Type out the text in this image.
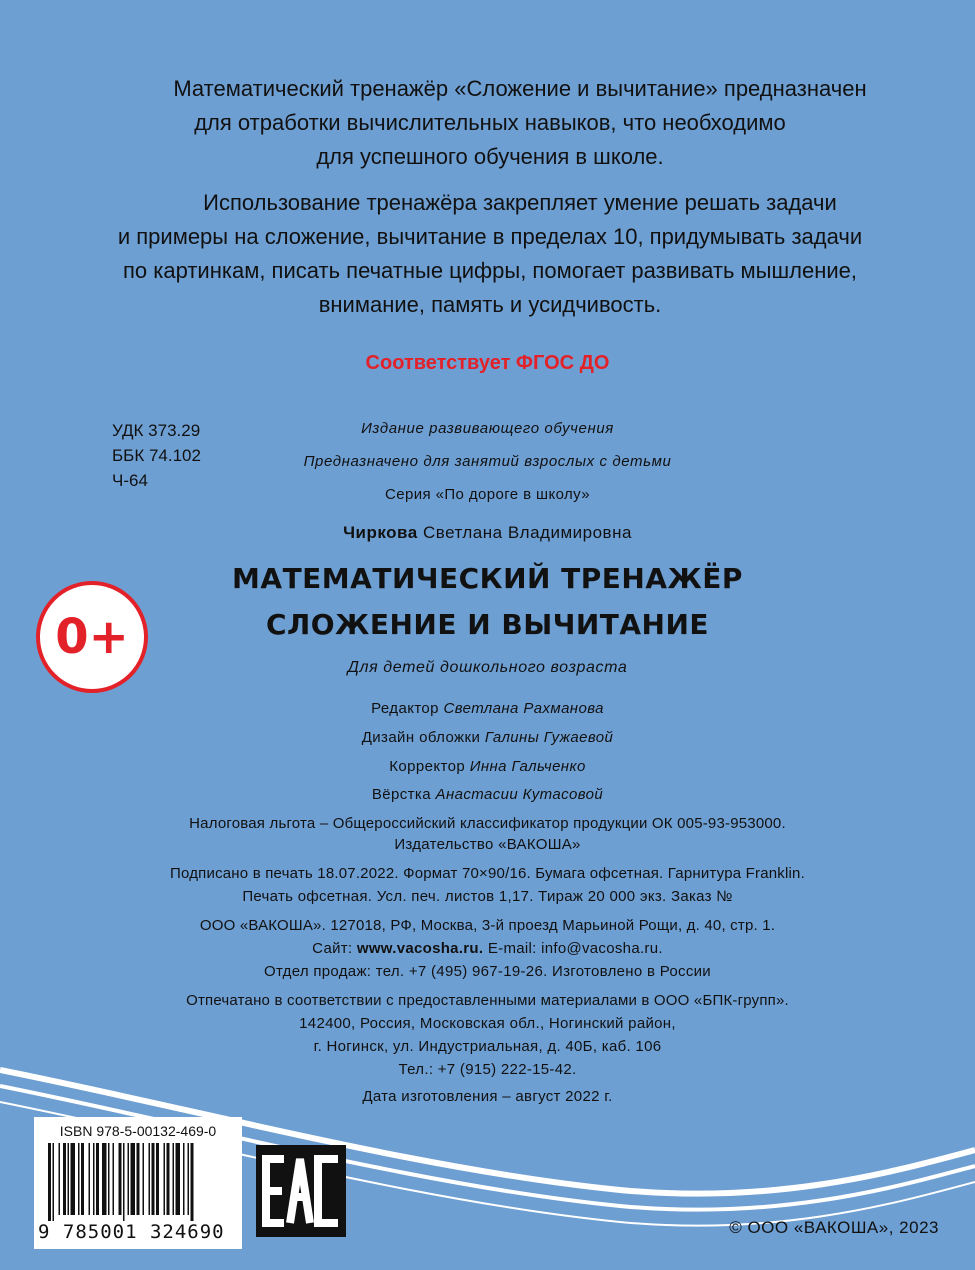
Математический тренажёр «Сложение и вычитание» предназначен

для отработки вычислительных навыков, что необходимо

для успешного обучения в школе.

Использование тренажёра закрепляет умение решать задачи

и примеры на сложение, вычитание в пределах 10, придумывать задачи

по картинкам, писать печатные цифры, помогает развивать мышление,

внимание, память и усидчивость.

Соответствует ФГОС ДО
УДК 373.29
ББК 74.102
Ч-64
Издание развивающего обучения
Предназначено для занятий взрослых с детьми
Серия «По дороге в школу»
Чиркова Светлана Владимировна
МАТЕМАТИЧЕСКИЙ ТРЕНАЖЁР
СЛОЖЕНИЕ И ВЫЧИТАНИЕ
Для детей дошкольного возраста
0+
Редактор Светлана Рахманова
Дизайн обложки Галины Гужаевой
Корректор Инна Гальченко
Вёрстка Анастасии Кутасовой
Налоговая льгота – Общероссийский классификатор продукции ОК 005-93-953000.
Издательство «ВАКОША»
Подписано в печать 18.07.2022. Формат 70×90/16. Бумага офсетная. Гарнитура Franklin.
Печать офсетная. Усл. печ. листов 1,17. Тираж 20 000 экз. Заказ №
ООО «ВАКОША». 127018, РФ, Москва, 3-й проезд Марьиной Рощи, д. 40, стр. 1.
Сайт: www.vacosha.ru. E-mail: info@vacosha.ru.
Отдел продаж: тел. +7 (495) 967-19-26. Изготовлено в России
Отпечатано в соответствии с предоставленными материалами в ООО «БПК-групп».
142400, Россия, Московская обл., Ногинский район,
г. Ногинск, ул. Индустриальная, д. 40Б, каб. 106
Тел.: +7 (915) 222-15-42.
Дата изготовления – август 2022 г.
ISBN 978-5-00132-469-0
9 785001 324690	© ООО «ВАКОША», 2023
